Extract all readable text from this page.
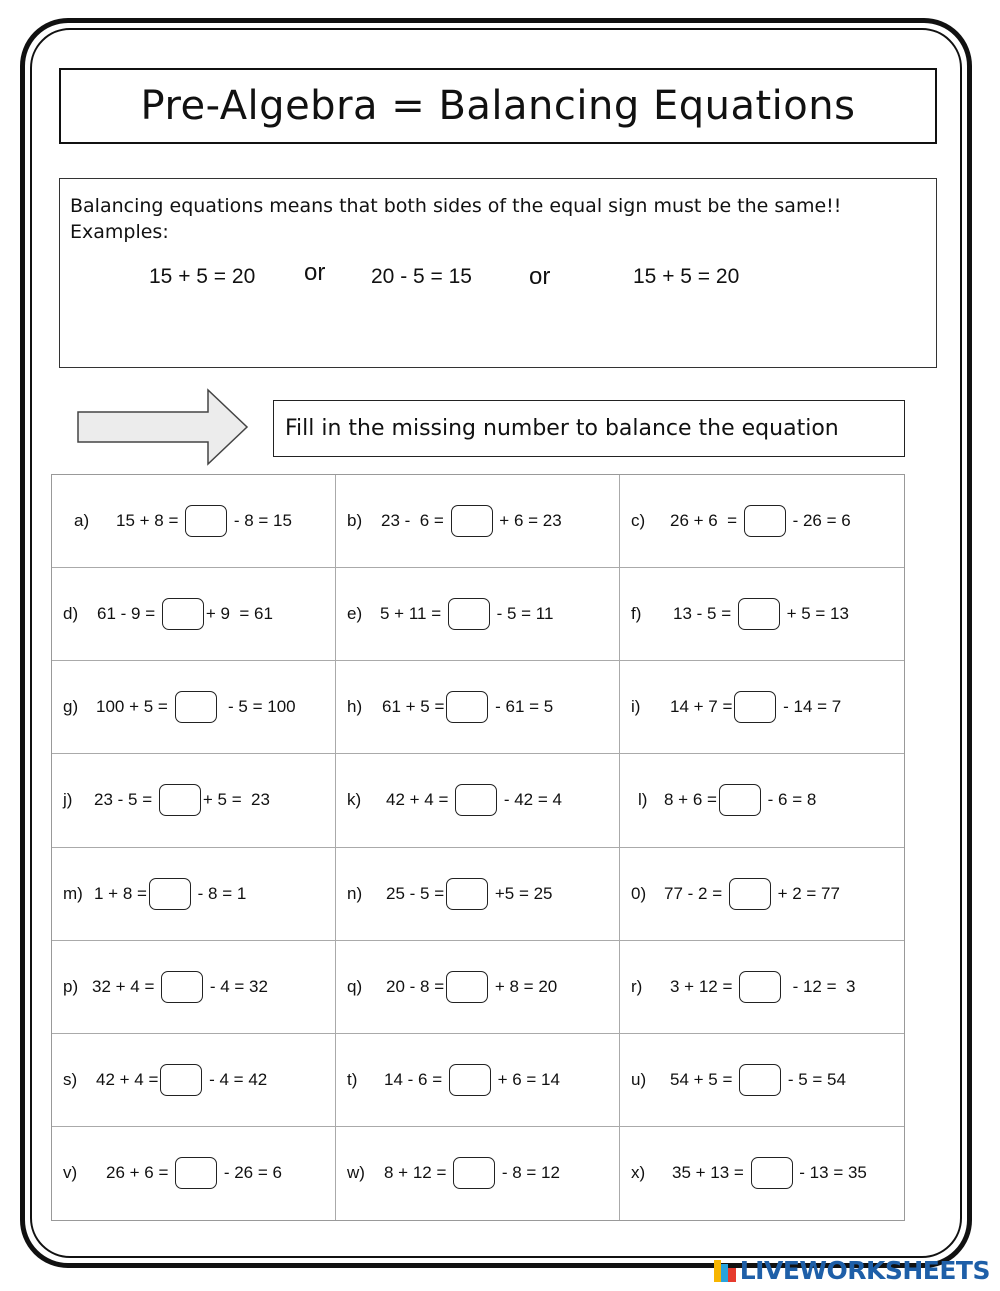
Pre-Algebra = Balancing Equations
Balancing equations means that both sides of the equal sign must be the same!!
Examples:
15 + 5 = 20 or 20 - 5 = 15 or	15 + 5 = 20
Fill in the missing number to balance the equation
a) 15 + 8 =	- 8 = 15	b) 23 -  6 =	+ 6 = 23	c) 26 + 6  =	- 26 = 6
d) 61 - 9 =	+ 9  = 61	e) 5 + 11 =	- 5 = 11	f) 13 - 5 =	+ 5 = 13
g) 100 + 5 =	- 5 = 100	h) 61 + 5 =	- 61 = 5	i) 14 + 7 =	- 14 = 7
j) 23 - 5 =	+ 5 =  23	k) 42 + 4 =	- 42 = 4	l) 8 + 6 =	- 6 = 8
m) 1 + 8 =	- 8 = 1	n) 25 - 5 =	+5 = 25	0) 77 - 2 =	+ 2 = 77
p) 32 + 4 =	- 4 = 32	q) 20 - 8 =	+ 8 = 20	r) 3 + 12 =	- 12 =  3
s) 42 + 4 =	- 4 = 42	t) 14 - 6 =	+ 6 = 14	u) 54 + 5 =	- 5 = 54
v) 26 + 6 =	- 26 = 6	w) 8 + 12 =	- 8 = 12	x) 35 + 13 =	- 13 = 35
LIVEWORKSHEETS
